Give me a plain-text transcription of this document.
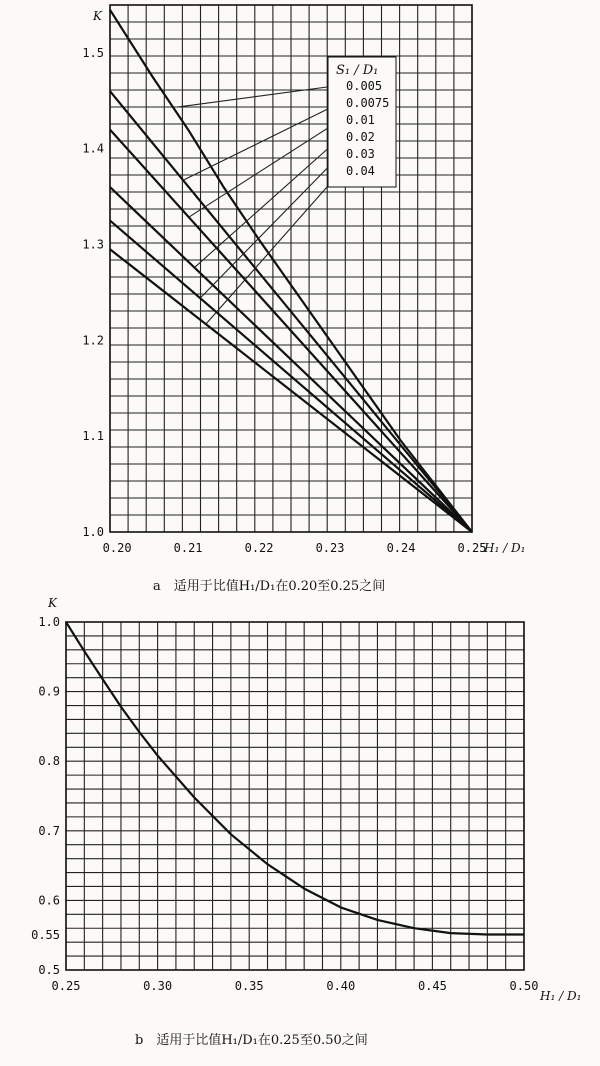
0.20	0.21	0.22	0.23	0.24	0.25
1.0
1.1
1.2
1.3
1.4
1.5
S₁ / D₁
0.005
0.0075
0.01
0.02
0.03
0.04
K
H₁ / D₁
a　适用于比值H₁/D₁在0.20至0.25之间
0.25	0.30	0.35	0.40	0.45	0.50
1.0
0.9
0.8
0.7
0.6
0.55
0.5
K
H₁ / D₁
b　适用于比值H₁/D₁在0.25至0.50之间
